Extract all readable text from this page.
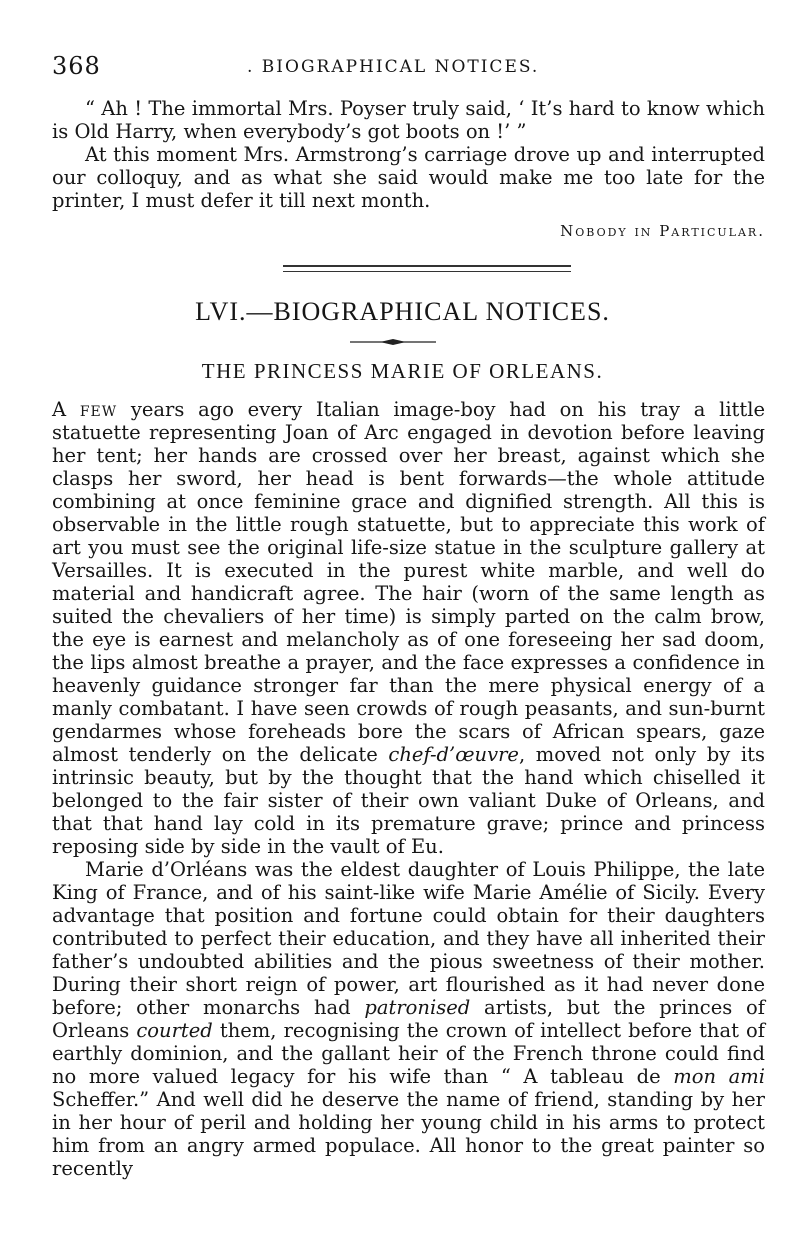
368	. BIOGRAPHICAL NOTICES.

“ Ah ! The immortal Mrs. Poyser truly said, ‘ It’s hard to know which is Old Harry, when everybody’s got boots on !’ ”

At this moment Mrs. Armstrong’s carriage drove up and interrupted our colloquy, and as what she said would make me too late for the printer, I must defer it till next month.

Nobody in Particular.
LVI.—BIOGRAPHICAL NOTICES.
THE PRINCESS MARIE OF ORLEANS.

A few years ago every Italian image-boy had on his tray a little statuette representing Joan of Arc engaged in devotion before leaving her tent; her hands are crossed over her breast, against which she clasps her sword, her head is bent forwards—the whole attitude combining at once feminine grace and dignified strength. All this is observable in the little rough statuette, but to appreciate this work of art you must see the original life-size statue in the sculpture gallery at Versailles. It is executed in the purest white marble, and well do material and handicraft agree. The hair (worn of the same length as suited the chevaliers of her time) is simply parted on the calm brow, the eye is earnest and melancholy as of one foreseeing her sad doom, the lips almost breathe a prayer, and the face expresses a confidence in heavenly guidance stronger far than the mere physical energy of a manly combatant. I have seen crowds of rough peasants, and sun-burnt gendarmes whose foreheads bore the scars of African spears, gaze almost tenderly on the delicate chef-d’œuvre, moved not only by its intrinsic beauty, but by the thought that the hand which chiselled it belonged to the fair sister of their own valiant Duke of Orleans, and that that hand lay cold in its premature grave; prince and princess reposing side by side in the vault of Eu.

Marie d’Orléans was the eldest daughter of Louis Philippe, the late King of France, and of his saint-like wife Marie Amélie of Sicily. Every advantage that position and fortune could obtain for their daughters contributed to perfect their education, and they have all inherited their father’s undoubted abilities and the pious sweetness of their mother. During their short reign of power, art flourished as it had never done before; other monarchs had patronised artists, but the princes of Orleans courted them, recognising the crown of intellect before that of earthly dominion, and the gallant heir of the French throne could find no more valued legacy for his wife than “ A tableau de mon ami Scheffer.” And well did he deserve the name of friend, standing by her in her hour of peril and holding her young child in his arms to protect him from an angry armed populace. All honor to the great painter so recently
